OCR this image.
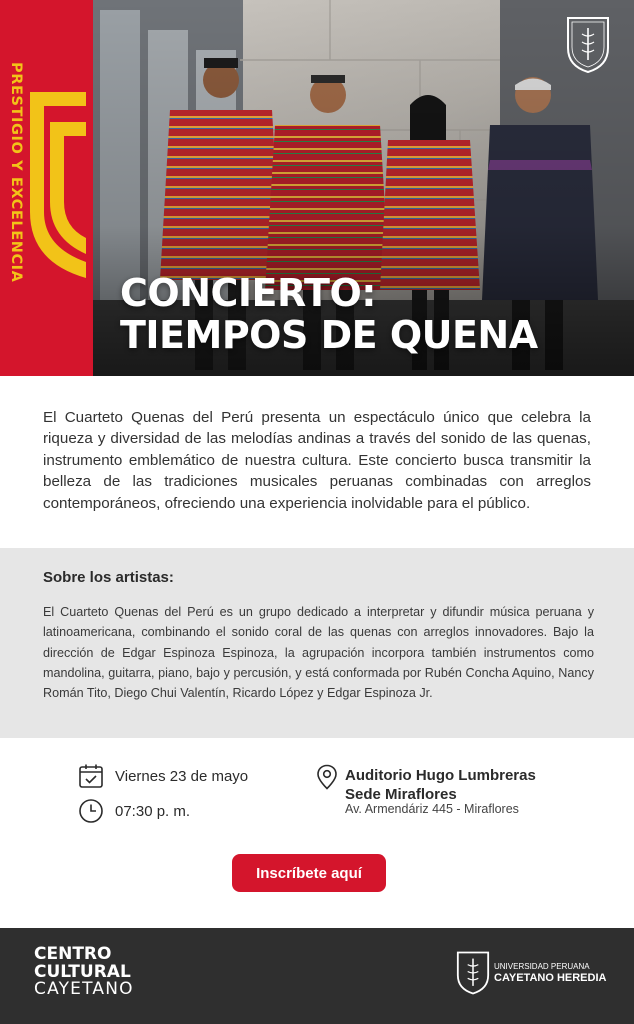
PRESTIGIO Y EXCELENCIA
CONCIERTO:
TIEMPOS DE QUENA

El Cuarteto Quenas del Perú presenta un espectáculo único que celebra la riqueza y diversidad de las melodías andinas a través del sonido de las quenas, instrumento emblemático de nuestra cultura. Este concierto busca transmitir la belleza de las tradiciones musicales peruanas combinadas con arreglos contemporáneos, ofreciendo una experiencia inolvidable para el público.

Sobre los artistas:

El Cuarteto Quenas del Perú es un grupo dedicado a interpretar y difundir música peruana y latinoamericana, combinando el sonido coral de las quenas con arreglos innovadores. Bajo la dirección de Edgar Espinoza Espinoza, la agrupación incorpora también instrumentos como mandolina, guitarra, piano, bajo y percusión, y está conformada por Rubén Concha Aquino, Nancy Román Tito, Diego Chui Valentín, Ricardo López y Edgar Espinoza Jr.

Viernes 23 de mayo
07:30 p. m.
Auditorio Hugo Lumbreras
Sede Miraflores
Av. Armendáriz 445 - Miraflores
Inscríbete aquí
CENTRO
CULTURAL
CAYETANO
UNIVERSIDAD PERUANA
CAYETANO HEREDIA
